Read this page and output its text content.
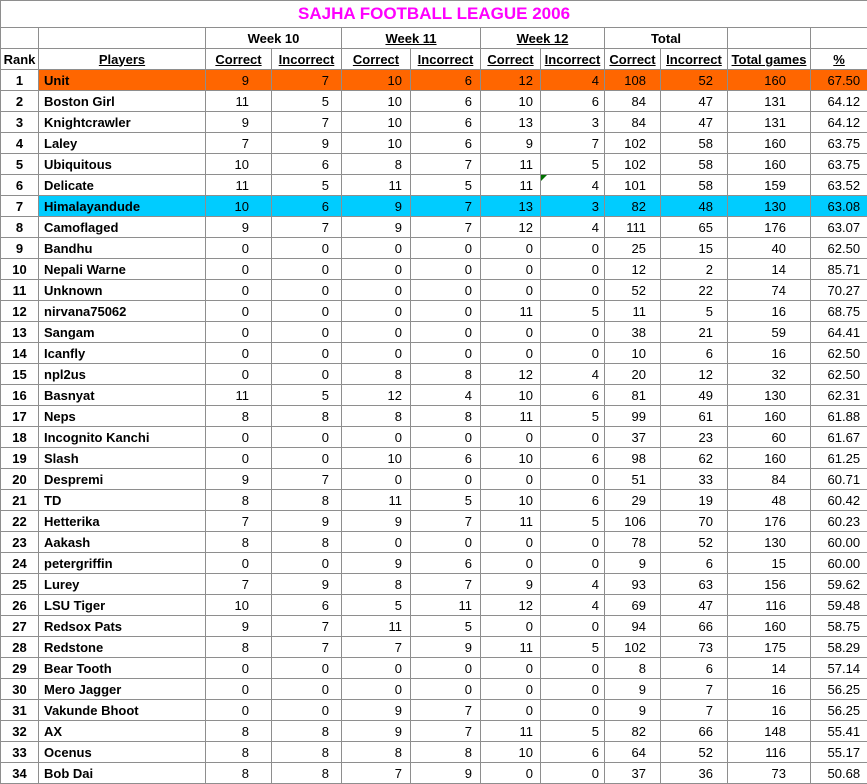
SAJHA FOOTBALL LEAGUE 2006											
		Week 10		Week 11		Week 12		Total			
Rank	Players	Correct	Incorrect	Correct	Incorrect	Correct	Incorrect	Correct	Incorrect	Total games	%
1	Unit	9	7	10	6	12	4	108	52	160	67.50
2	Boston Girl	11	5	10	6	10	6	84	47	131	64.12
3	Knightcrawler	9	7	10	6	13	3	84	47	131	64.12
4	Laley	7	9	10	6	9	7	102	58	160	63.75
5	Ubiquitous	10	6	8	7	11	5	102	58	160	63.75
6	Delicate	11	5	11	5	11	4	101	58	159	63.52
7	Himalayandude	10	6	9	7	13	3	82	48	130	63.08
8	Camoflaged	9	7	9	7	12	4	111	65	176	63.07
9	Bandhu	0	0	0	0	0	0	25	15	40	62.50
10	Nepali Warne	0	0	0	0	0	0	12	2	14	85.71
11	Unknown	0	0	0	0	0	0	52	22	74	70.27
12	nirvana75062	0	0	0	0	11	5	11	5	16	68.75
13	Sangam	0	0	0	0	0	0	38	21	59	64.41
14	Icanfly	0	0	0	0	0	0	10	6	16	62.50
15	npl2us	0	0	8	8	12	4	20	12	32	62.50
16	Basnyat	11	5	12	4	10	6	81	49	130	62.31
17	Neps	8	8	8	8	11	5	99	61	160	61.88
18	Incognito Kanchi	0	0	0	0	0	0	37	23	60	61.67
19	Slash	0	0	10	6	10	6	98	62	160	61.25
20	Despremi	9	7	0	0	0	0	51	33	84	60.71
21	TD	8	8	11	5	10	6	29	19	48	60.42
22	Hetterika	7	9	9	7	11	5	106	70	176	60.23
23	Aakash	8	8	0	0	0	0	78	52	130	60.00
24	petergriffin	0	0	9	6	0	0	9	6	15	60.00
25	Lurey	7	9	8	7	9	4	93	63	156	59.62
26	LSU Tiger	10	6	5	11	12	4	69	47	116	59.48
27	Redsox Pats	9	7	11	5	0	0	94	66	160	58.75
28	Redstone	8	7	7	9	11	5	102	73	175	58.29
29	Bear Tooth	0	0	0	0	0	0	8	6	14	57.14
30	Mero Jagger	0	0	0	0	0	0	9	7	16	56.25
31	Vakunde Bhoot	0	0	9	7	0	0	9	7	16	56.25
32	AX	8	8	9	7	11	5	82	66	148	55.41
33	Ocenus	8	8	8	8	10	6	64	52	116	55.17
34	Bob Dai	8	8	7	9	0	0	37	36	73	50.68
